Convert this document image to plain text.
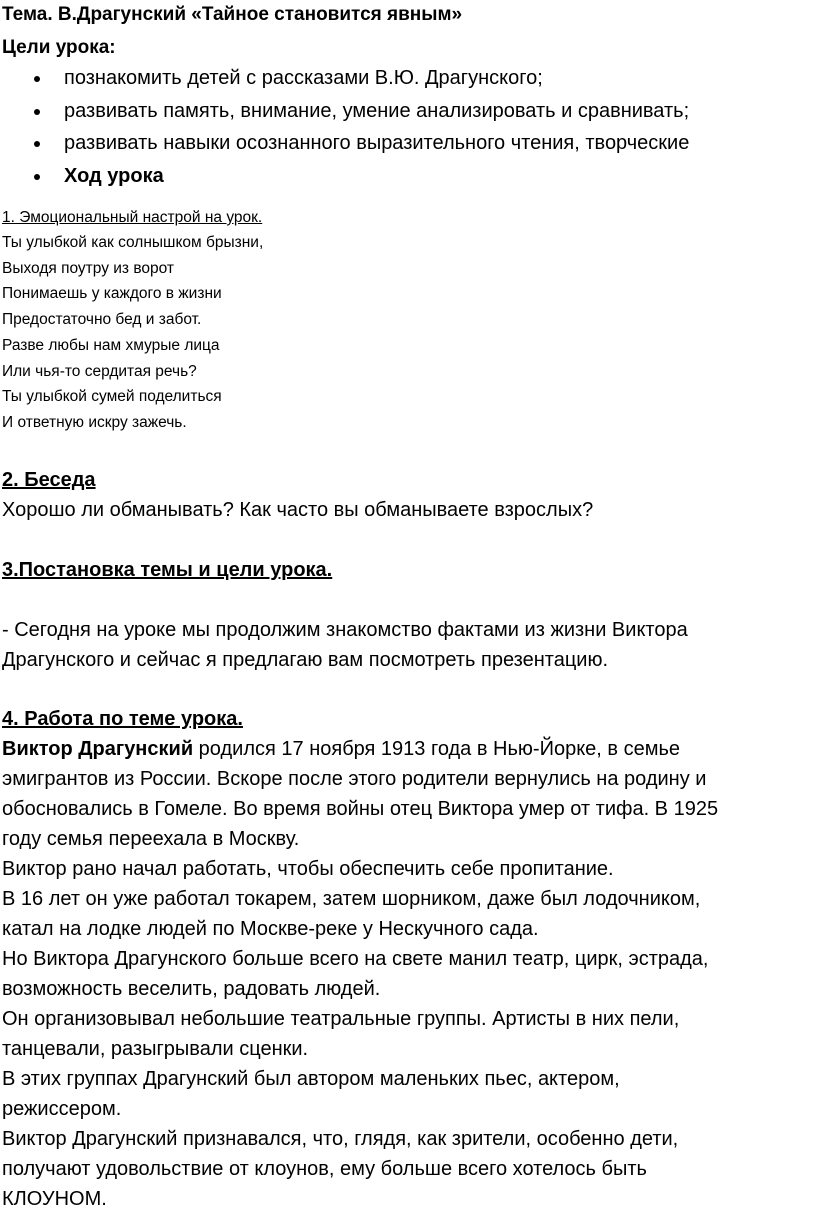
Тема. В.Драгунский «Тайное становится явным»
Цели урока:
познакомить детей с рассказами В.Ю. Драгунского;
развивать память, внимание, умение анализировать и сравнивать;
развивать навыки осознанного выразительного чтения, творческие
Ход урока
1. Эмоциональный настрой на урок.

Ты улыбкой как солнышком брызни,

Выходя поутру из ворот

Понимаешь у каждого в жизни

Предостаточно бед и забот.

Разве любы нам хмурые лица

Или чья-то сердитая речь?

Ты улыбкой сумей поделиться

И ответную искру зажечь.

2. Беседа
Хорошо ли обманывать? Как часто вы обманываете взрослых?
3.Постановка темы и цели урока.

- Сегодня на уроке мы продолжим знакомство фактами из жизни Виктора

Драгунского и сейчас я предлагаю вам посмотреть презентацию.

4. Работа по теме урока.

Виктор Драгунский родился 17 ноября 1913 года в Нью-Йорке, в семье

эмигрантов из России. Вскоре после этого родители вернулись на родину и

обосновались в Гомеле. Во время войны отец Виктора умер от тифа. В 1925

году семья переехала в Москву.

Виктор рано начал работать, чтобы обеспечить себе пропитание.

В 16 лет он уже работал токарем, затем шорником, даже был лодочником,

катал на лодке людей по Москве-реке у Нескучного сада.

Но Виктора Драгунского больше всего на свете манил театр, цирк, эстрада,

возможность веселить, радовать людей.

Он организовывал небольшие театральные группы. Артисты в них пели,

танцевали, разыгрывали сценки.

В этих группах Драгунский был автором маленьких пьес, актером,

режиссером.

Виктор Драгунский признавался, что, глядя, как зрители, особенно дети,

получают удовольствие от клоунов, ему больше всего хотелось быть

КЛОУНОМ.
